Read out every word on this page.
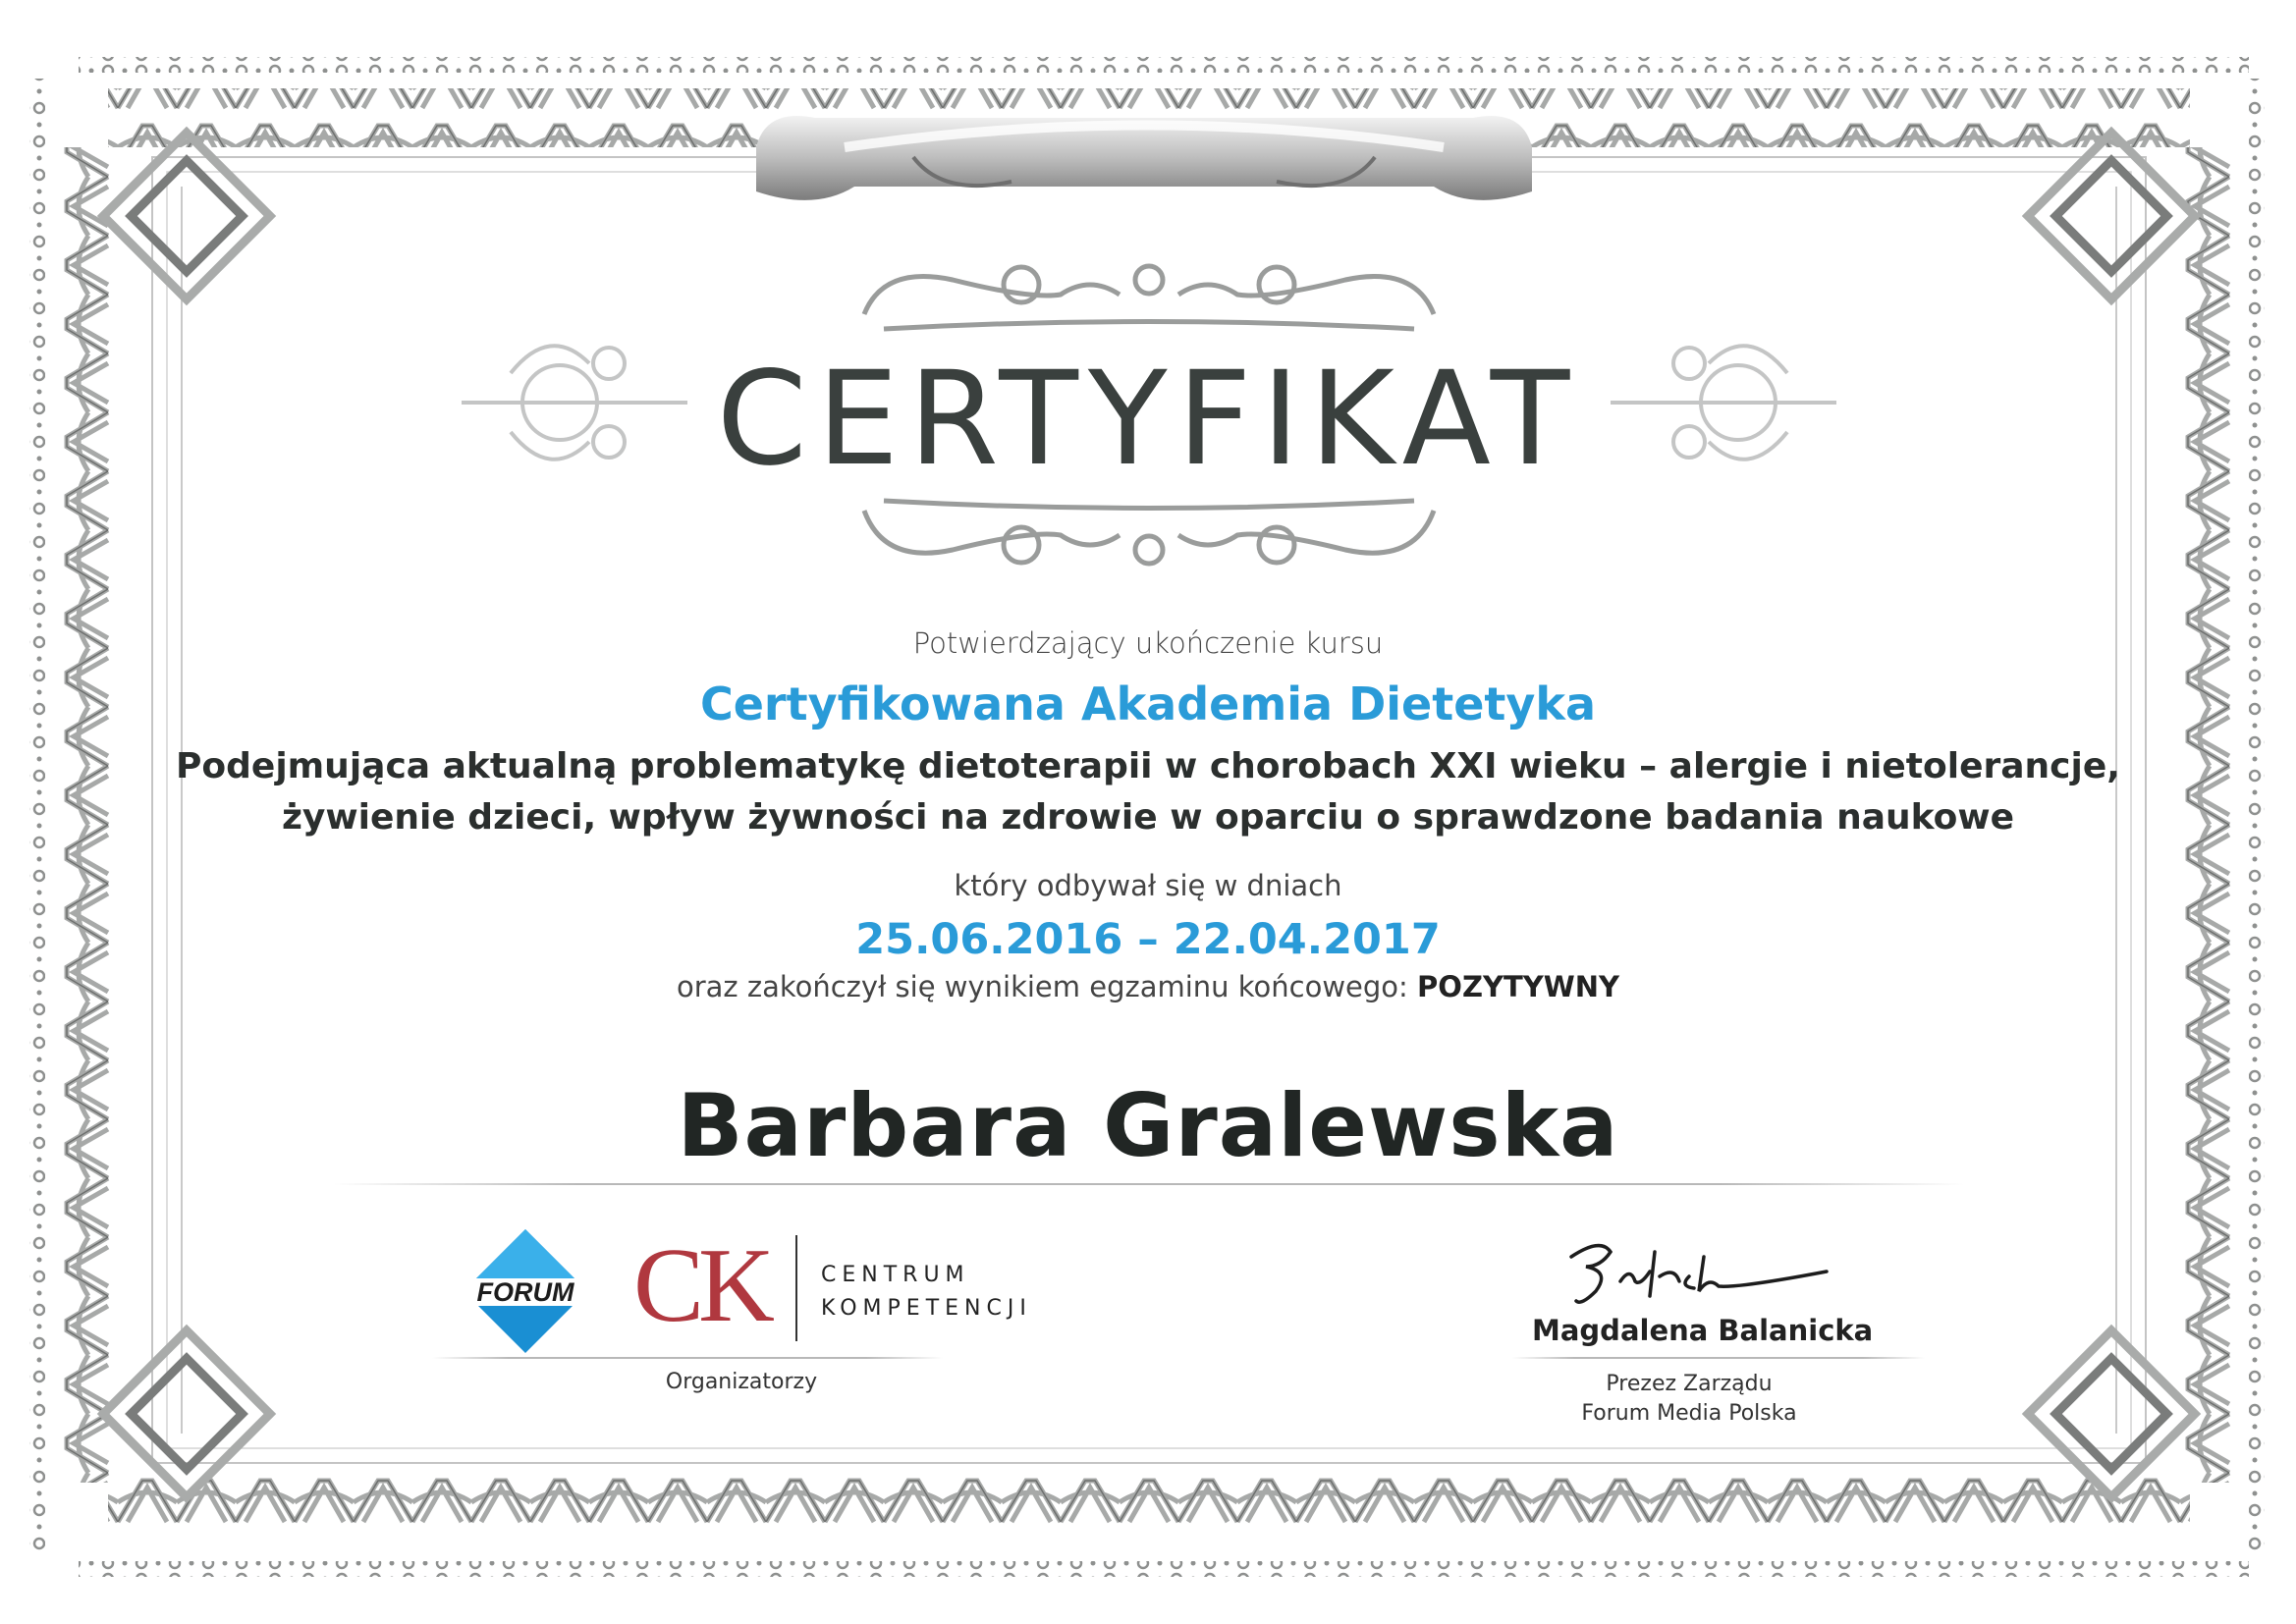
CERTYFIKAT
Potwierdzający ukończenie kursu
Certyfikowana Akademia Dietetyka
Podejmująca aktualną problematykę dietoterapii w chorobach XXI wieku – alergie i nietolerancje,
żywienie dzieci, wpływ żywności na zdrowie w oparciu o sprawdzone badania naukowe
który odbywał się w dniach
25.06.2016 – 22.04.2017
oraz zakończył się wynikiem egzaminu końcowego: POZYTYWNY
Barbara Gralewska
FORUM CK CENTRUM
KOMPETENCJI
Organizatorzy
Magdalena Balanicka
Prezez Zarządu
Forum Media Polska
